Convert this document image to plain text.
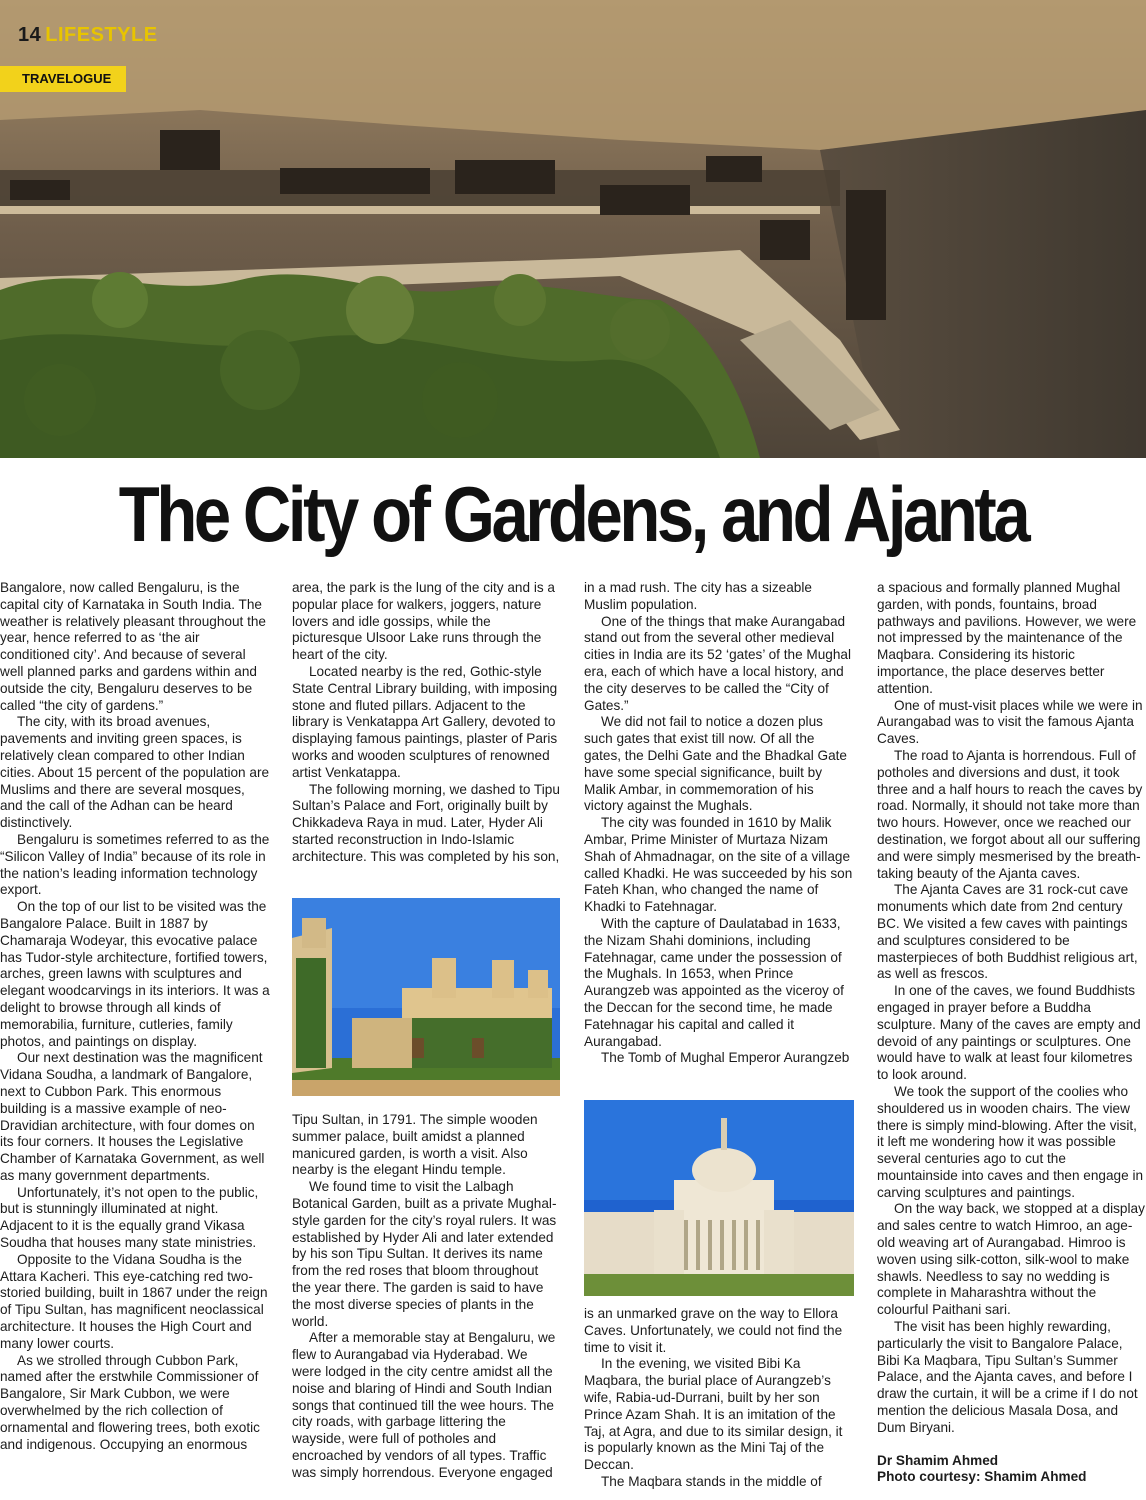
14 LIFESTYLE
TRAVELOGUE
The City of Gardens, and Ajanta

Bangalore, now called Bengaluru, is the capital city of Karnataka in South India. The weather is relatively pleasant throughout the year, hence referred to as ‘the air conditioned city’. And because of several well planned parks and gardens within and outside the city, Bengaluru deserves to be called “the city of gardens.”

The city, with its broad avenues, pavements and inviting green spaces, is relatively clean compared to other Indian cities. About 15 percent of the population are Muslims and there are several mosques, and the call of the Adhan can be heard distinctively.

Bengaluru is sometimes referred to as the “Silicon Valley of India” because of its role in the nation’s leading information technology export.

On the top of our list to be visited was the Bangalore Palace. Built in 1887 by Chamaraja Wodeyar, this evocative palace has Tudor-style architecture, fortified towers, arches, green lawns with sculptures and elegant woodcarvings in its interiors. It was a delight to browse through all kinds of memorabilia, furniture, cutleries, family photos, and paintings on display.

Our next destination was the magnificent Vidana Soudha, a landmark of Bangalore, next to Cubbon Park. This enormous building is a massive example of neo-Dravidian architecture, with four domes on its four corners. It houses the Legislative Chamber of Karnataka Government, as well as many government departments.

Unfortunately, it’s not open to the public, but is stunningly illuminated at night. Adjacent to it is the equally grand Vikasa Soudha that houses many state ministries.

Opposite to the Vidana Soudha is the Attara Kacheri. This eye-catching red two-storied building, built in 1867 under the reign of Tipu Sultan, has magnificent neoclassical architecture. It houses the High Court and many lower courts.

As we strolled through Cubbon Park, named after the erstwhile Commissioner of Bangalore, Sir Mark Cubbon, we were overwhelmed by the rich collection of ornamental and flowering trees, both exotic and indigenous. Occupying an enormous

area, the park is the lung of the city and is a popular place for walkers, joggers, nature lovers and idle gossips, while the picturesque Ulsoor Lake runs through the heart of the city.

Located nearby is the red, Gothic-style State Central Library building, with imposing stone and fluted pillars. Adjacent to the library is Venkatappa Art Gallery, devoted to displaying famous paintings, plaster of Paris works and wooden sculptures of renowned artist Venkatappa.

The following morning, we dashed to Tipu Sultan’s Palace and Fort, originally built by Chikkadeva Raya in mud. Later, Hyder Ali started reconstruction in Indo-Islamic architecture. This was completed by his son,

Tipu Sultan, in 1791. The simple wooden summer palace, built amidst a planned manicured garden, is worth a visit. Also nearby is the elegant Hindu temple.

We found time to visit the Lalbagh Botanical Garden, built as a private Mughal-style garden for the city’s royal rulers. It was established by Hyder Ali and later extended by his son Tipu Sultan. It derives its name from the red roses that bloom throughout the year there. The garden is said to have the most diverse species of plants in the world.

After a memorable stay at Bengaluru, we flew to Aurangabad via Hyderabad. We were lodged in the city centre amidst all the noise and blaring of Hindi and South Indian songs that continued till the wee hours. The city roads, with garbage littering the wayside, were full of potholes and encroached by vendors of all types. Traffic was simply horrendous. Everyone engaged

in a mad rush. The city has a sizeable Muslim population.

One of the things that make Aurangabad stand out from the several other medieval cities in India are its 52 ‘gates’ of the Mughal era, each of which have a local history, and the city deserves to be called the “City of Gates.”

We did not fail to notice a dozen plus such gates that exist till now. Of all the gates, the Delhi Gate and the Bhadkal Gate have some special significance, built by Malik Ambar, in commemoration of his victory against the Mughals.

The city was founded in 1610 by Malik Ambar, Prime Minister of Murtaza Nizam Shah of Ahmadnagar, on the site of a village called Khadki. He was succeeded by his son Fateh Khan, who changed the name of Khadki to Fatehnagar.

With the capture of Daulatabad in 1633, the Nizam Shahi dominions, including Fatehnagar, came under the possession of the Mughals. In 1653, when Prince Aurangzeb was appointed as the viceroy of the Deccan for the second time, he made Fatehnagar his capital and called it Aurangabad.

The Tomb of Mughal Emperor Aurangzeb

is an unmarked grave on the way to Ellora Caves. Unfortunately, we could not find the time to visit it.

In the evening, we visited Bibi Ka Maqbara, the burial place of Aurangzeb’s wife, Rabia-ud-Durrani, built by her son Prince Azam Shah. It is an imitation of the Taj, at Agra, and due to its similar design, it is popularly known as the Mini Taj of the Deccan.

The Maqbara stands in the middle of

a spacious and formally planned Mughal garden, with ponds, fountains, broad pathways and pavilions. However, we were not impressed by the maintenance of the Maqbara. Considering its historic importance, the place deserves better attention.

One of must-visit places while we were in Aurangabad was to visit the famous Ajanta Caves.

The road to Ajanta is horrendous. Full of potholes and diversions and dust, it took three and a half hours to reach the caves by road. Normally, it should not take more than two hours. However, once we reached our destination, we forgot about all our suffering and were simply mesmerised by the breath-taking beauty of the Ajanta caves.

The Ajanta Caves are 31 rock-cut cave monuments which date from 2nd century BC. We visited a few caves with paintings and sculptures considered to be masterpieces of both Buddhist religious art, as well as frescos.

In one of the caves, we found Buddhists engaged in prayer before a Buddha sculpture. Many of the caves are empty and devoid of any paintings or sculptures. One would have to walk at least four kilometres to look around.

We took the support of the coolies who shouldered us in wooden chairs. The view there is simply mind-blowing. After the visit, it left me wondering how it was possible several centuries ago to cut the mountainside into caves and then engage in carving sculptures and paintings.

On the way back, we stopped at a display and sales centre to watch Himroo, an age-old weaving art of Aurangabad. Himroo is woven using silk-cotton, silk-wool to make shawls. Needless to say no wedding is complete in Maharashtra without the colourful Paithani sari.

The visit has been highly rewarding, particularly the visit to Bangalore Palace, Bibi Ka Maqbara, Tipu Sultan’s Summer Palace, and the Ajanta caves, and before I draw the curtain, it will be a crime if I do not mention the delicious Masala Dosa, and Dum Biryani.

Dr Shamim Ahmed

Photo courtesy: Shamim Ahmed
